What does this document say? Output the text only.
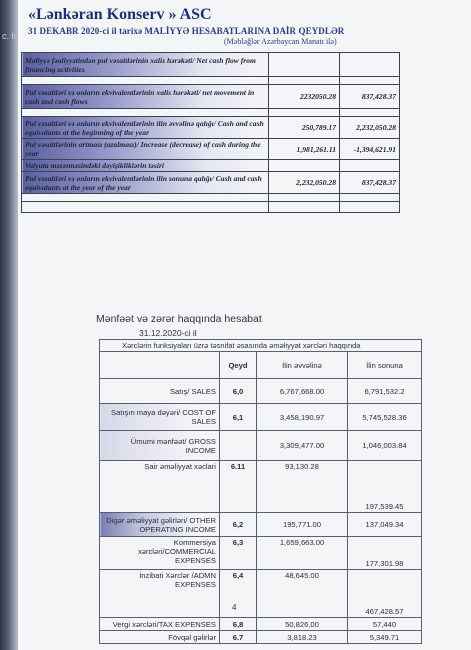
c. lı
«Lənkəran Konserv » ASC
31 DEKABR 2020-ci il tarixə MALİYYƏ HESABATLARINA DAİR QEYDLƏR
(Məbləğlər Azərbaycan Manatı ilə)
Maliyyə fəaliyyətindən pul vəsaitlərinin xalis hərəkəti/ Net cash flow from financing activities		

Pul vəsaitləri və onların ekvivalentlərinin xalis hərəkəti/ net movement in cash and cash flows	2232050.28	837,428.37

Pul vəsaitləri və onların ekvivalentlərinin ilin əvvəlinə qalığı/ Cash and cash equivalants at the beginning of the year	250,789.17	2,232,050.28
Pul vəsaitlərinin artması (azalması)/ Increase (decrease) of cash during the year	1,981,261.11	-1,394,621.91
Valyuta məzənnəsindəki dəyişikliklərin təsiri		
Pul vəsaitləri və onların ekvivalentlərinin ilin sonuna qalığı/ Cash and cash equivalants at the year of the year	2,232,050.28	837,428.37

Mənfəət və zərər haqqında hesabat
31.12.2020-ci il
Xərclərin funksiyaları üzrə təsnifat əsasında əməliyyat xərcləri haqqında
	Qeyd	İlin əvvəlinə	İlin sonuna
Satış/ SALES	6,0	6,767,668.00	6,791,532.2
Satışın maya dəyəri/ COST OF SALES	6,1	3,458,190.97	5,745,528.36
Ümumi mənfəət/ GROSS INCOME		3,309,477.00	1,046,003.84
Sair əməliyyat xəclari	6.11	93,130.28	197,539.45
Digər əməliyyat gəlirləri/ OTHER OPERATING INCOME	6,2	195,771.00	137,049.34
Kommersiya xərcləri/COMMERCIAL EXPENSES	6,3	1,659,663.00	177,301.98
İnzibati Xərclər /ADMN EXPENSES	6,4	48,645.00	467,428.57
Vergi xərcləri/TAX EXPENSES	6,8	50,826.00	57,440
Fövqəl gəlirlər	6.7	3,818.23	5,349.71
4
